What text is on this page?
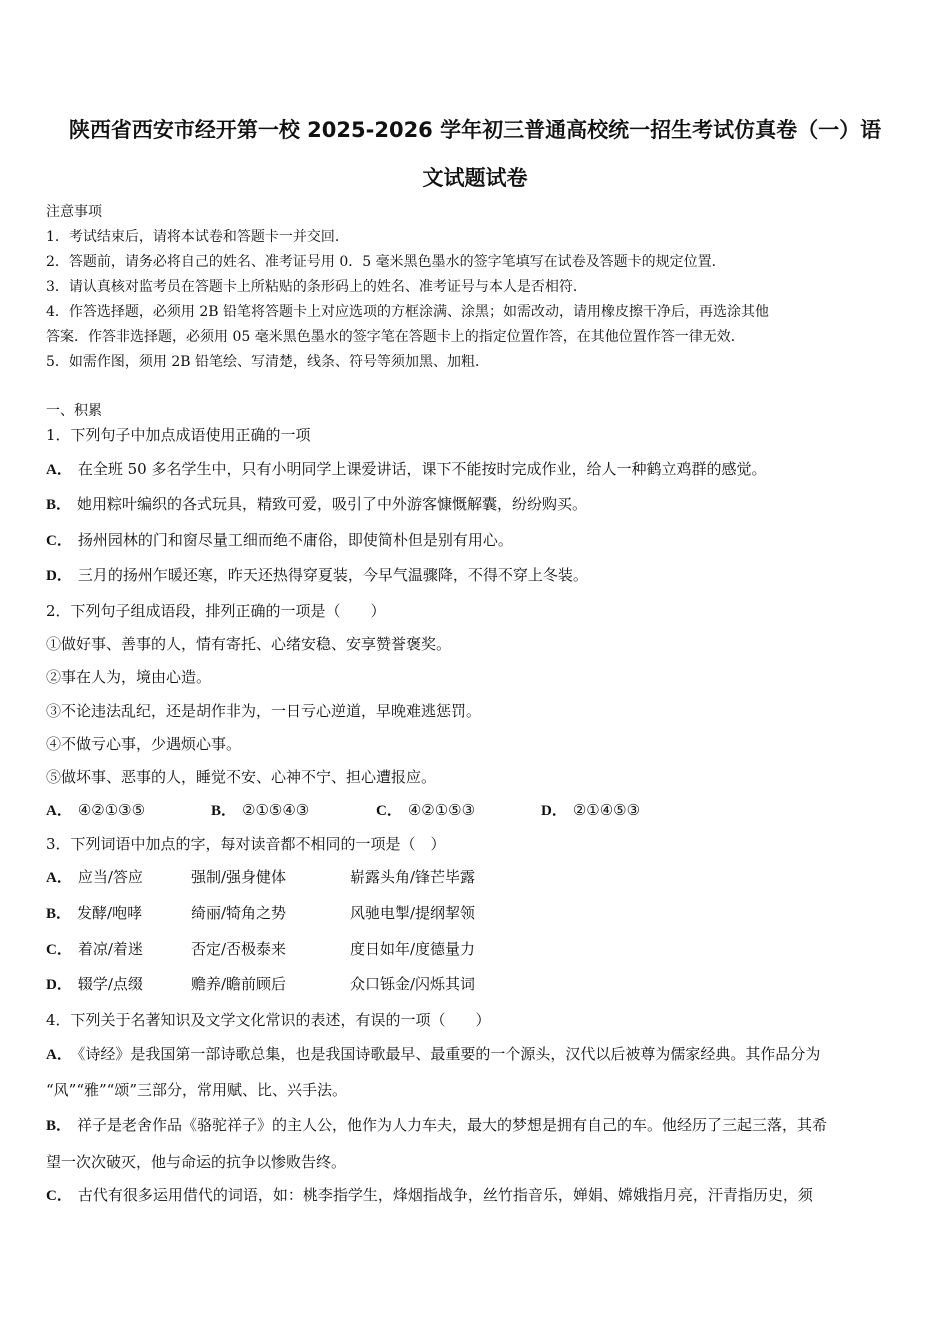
陕西省西安市经开第一校 2025-2026 学年初三普通高校统一招生考试仿真卷（一）语
文试题试卷
注意事项
1．考试结束后，请将本试卷和答题卡一并交回．
2．答题前，请务必将自己的姓名、准考证号用 0．5 毫米黑色墨水的签字笔填写在试卷及答题卡的规定位置．
3．请认真核对监考员在答题卡上所粘贴的条形码上的姓名、准考证号与本人是否相符．
4．作答选择题，必须用 2B 铅笔将答题卡上对应选项的方框涂满、涂黑；如需改动，请用橡皮擦干净后，再选涂其他
答案．作答非选择题，必须用 05 毫米黑色墨水的签字笔在答题卡上的指定位置作答，在其他位置作答一律无效．
5．如需作图，须用 2B 铅笔绘、写清楚，线条、符号等须加黑、加粗．
一、积累
1．下列句子中加点成语使用正确的一项
A． 在全班 50 多名学生中，只有小明同学上课爱讲话，课下不能按时完成作业，给人一种鹤立鸡群的感觉。
B． 她用粽叶编织的各式玩具，精致可爱，吸引了中外游客慷慨解囊，纷纷购买。
C． 扬州园林的门和窗尽量工细而绝不庸俗，即使简朴但是别有用心。
D． 三月的扬州乍暖还寒，昨天还热得穿夏装，今早气温骤降，不得不穿上冬装。
2．下列句子组成语段，排列正确的一项是（　　）
①做好事、善事的人，情有寄托、心绪安稳、安享赞誉褒奖。
②事在人为，境由心造。
③不论违法乱纪，还是胡作非为，一日亏心逆道，早晚难逃惩罚。
④不做亏心事，少遇烦心事。
⑤做坏事、恶事的人，睡觉不安、心神不宁、担心遭报应。
A． ④②①③⑤	B． ②①⑤④③	C． ④②①⑤③	D． ②①④⑤③
3．下列词语中加点的字，每对读音都不相同的一项是（　）
A． 应当/答应	强制/强身健体	崭露头角/锋芒毕露
B． 发酵/咆哮	绮丽/犄角之势	风驰电掣/提纲挈领
C． 着凉/着迷	否定/否极泰来	度日如年/度德量力
D． 辍学/点缀	赡养/瞻前顾后	众口铄金/闪烁其词
4．下列关于名著知识及文学文化常识的表述，有误的一项（　　）
A． 《诗经》是我国第一部诗歌总集，也是我国诗歌最早、最重要的一个源头，汉代以后被尊为儒家经典。其作品分为
“风”“雅”“颂”三部分，常用赋、比、兴手法。
B． 祥子是老舍作品《骆驼祥子》的主人公，他作为人力车夫，最大的梦想是拥有自己的车。他经历了三起三落，其希
望一次次破灭，他与命运的抗争以惨败告终。
C． 古代有很多运用借代的词语，如：桃李指学生，烽烟指战争，丝竹指音乐，婵娟、嫦娥指月亮，汗青指历史，须
